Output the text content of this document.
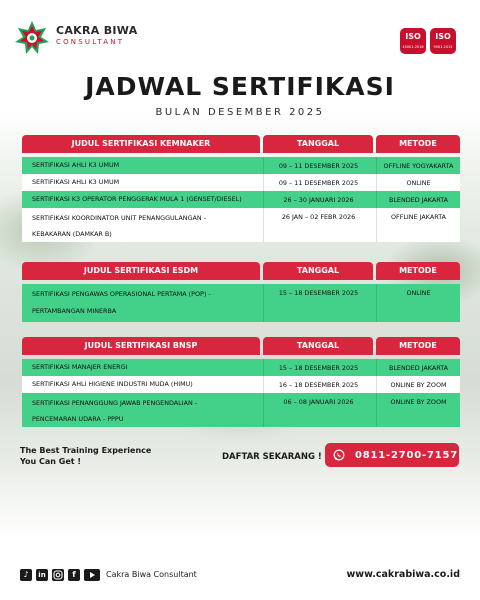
CAKRA BIWA
CONSULTANT
ISO
45001:2018
ISO
9001:2015
JADWAL SERTIFIKASI
BULAN DESEMBER 2025
JUDUL SERTIFIKASI KEMNAKER	TANGGAL	METODE
SERTIFIKASI AHLI K3 UMUM	09 – 11 DESEMBER 2025	OFFLINE YOGYAKARTA
SERTIFIKASI AHLI K3 UMUM	09 – 11 DESEMBER 2025	ONLINE
SERTIFIKASI K3 OPERATOR PENGGERAK MULA 1 (GENSET/DIESEL)	26 – 30 JANUARI 2026	BLENDED JAKARTA
SERTIFIKASI KOORDINATOR UNIT PENANGGULANGAN -
KEBAKARAN (DAMKAR B)
26 JAN – 02 FEBR 2026	OFFLINE JAKARTA
JUDUL SERTIFIKASI ESDM	TANGGAL	METODE
SERTIFIKASI PENGAWAS OPERASIONAL PERTAMA (POP) -
PERTAMBANGAN MINERBA
15 – 18 DESEMBER 2025	ONLINE
JUDUL SERTIFIKASI BNSP	TANGGAL	METODE
SERTIFIKASI MANAJER ENERGI	15 – 18 DESEMBER 2025	BLENDED JAKARTA
SERTIFIKASI AHLI HIGIENE INDUSTRI MUDA (HIMU)	16 – 18 DESEMBER 2025	ONLINE BY ZOOM
SERTIFIKASI PENANGGUNG JAWAB PENGENDALIAN -
PENCEMARAN UDARA - PPPU
06 – 08 JANUARI 2026	ONLINE BY ZOOM
The Best Training Experience
You Can Get !	DAFTAR SEKARANG !	0811-2700-7157
♪	in	f	Cakra Biwa Consultant	www.cakrabiwa.co.id
